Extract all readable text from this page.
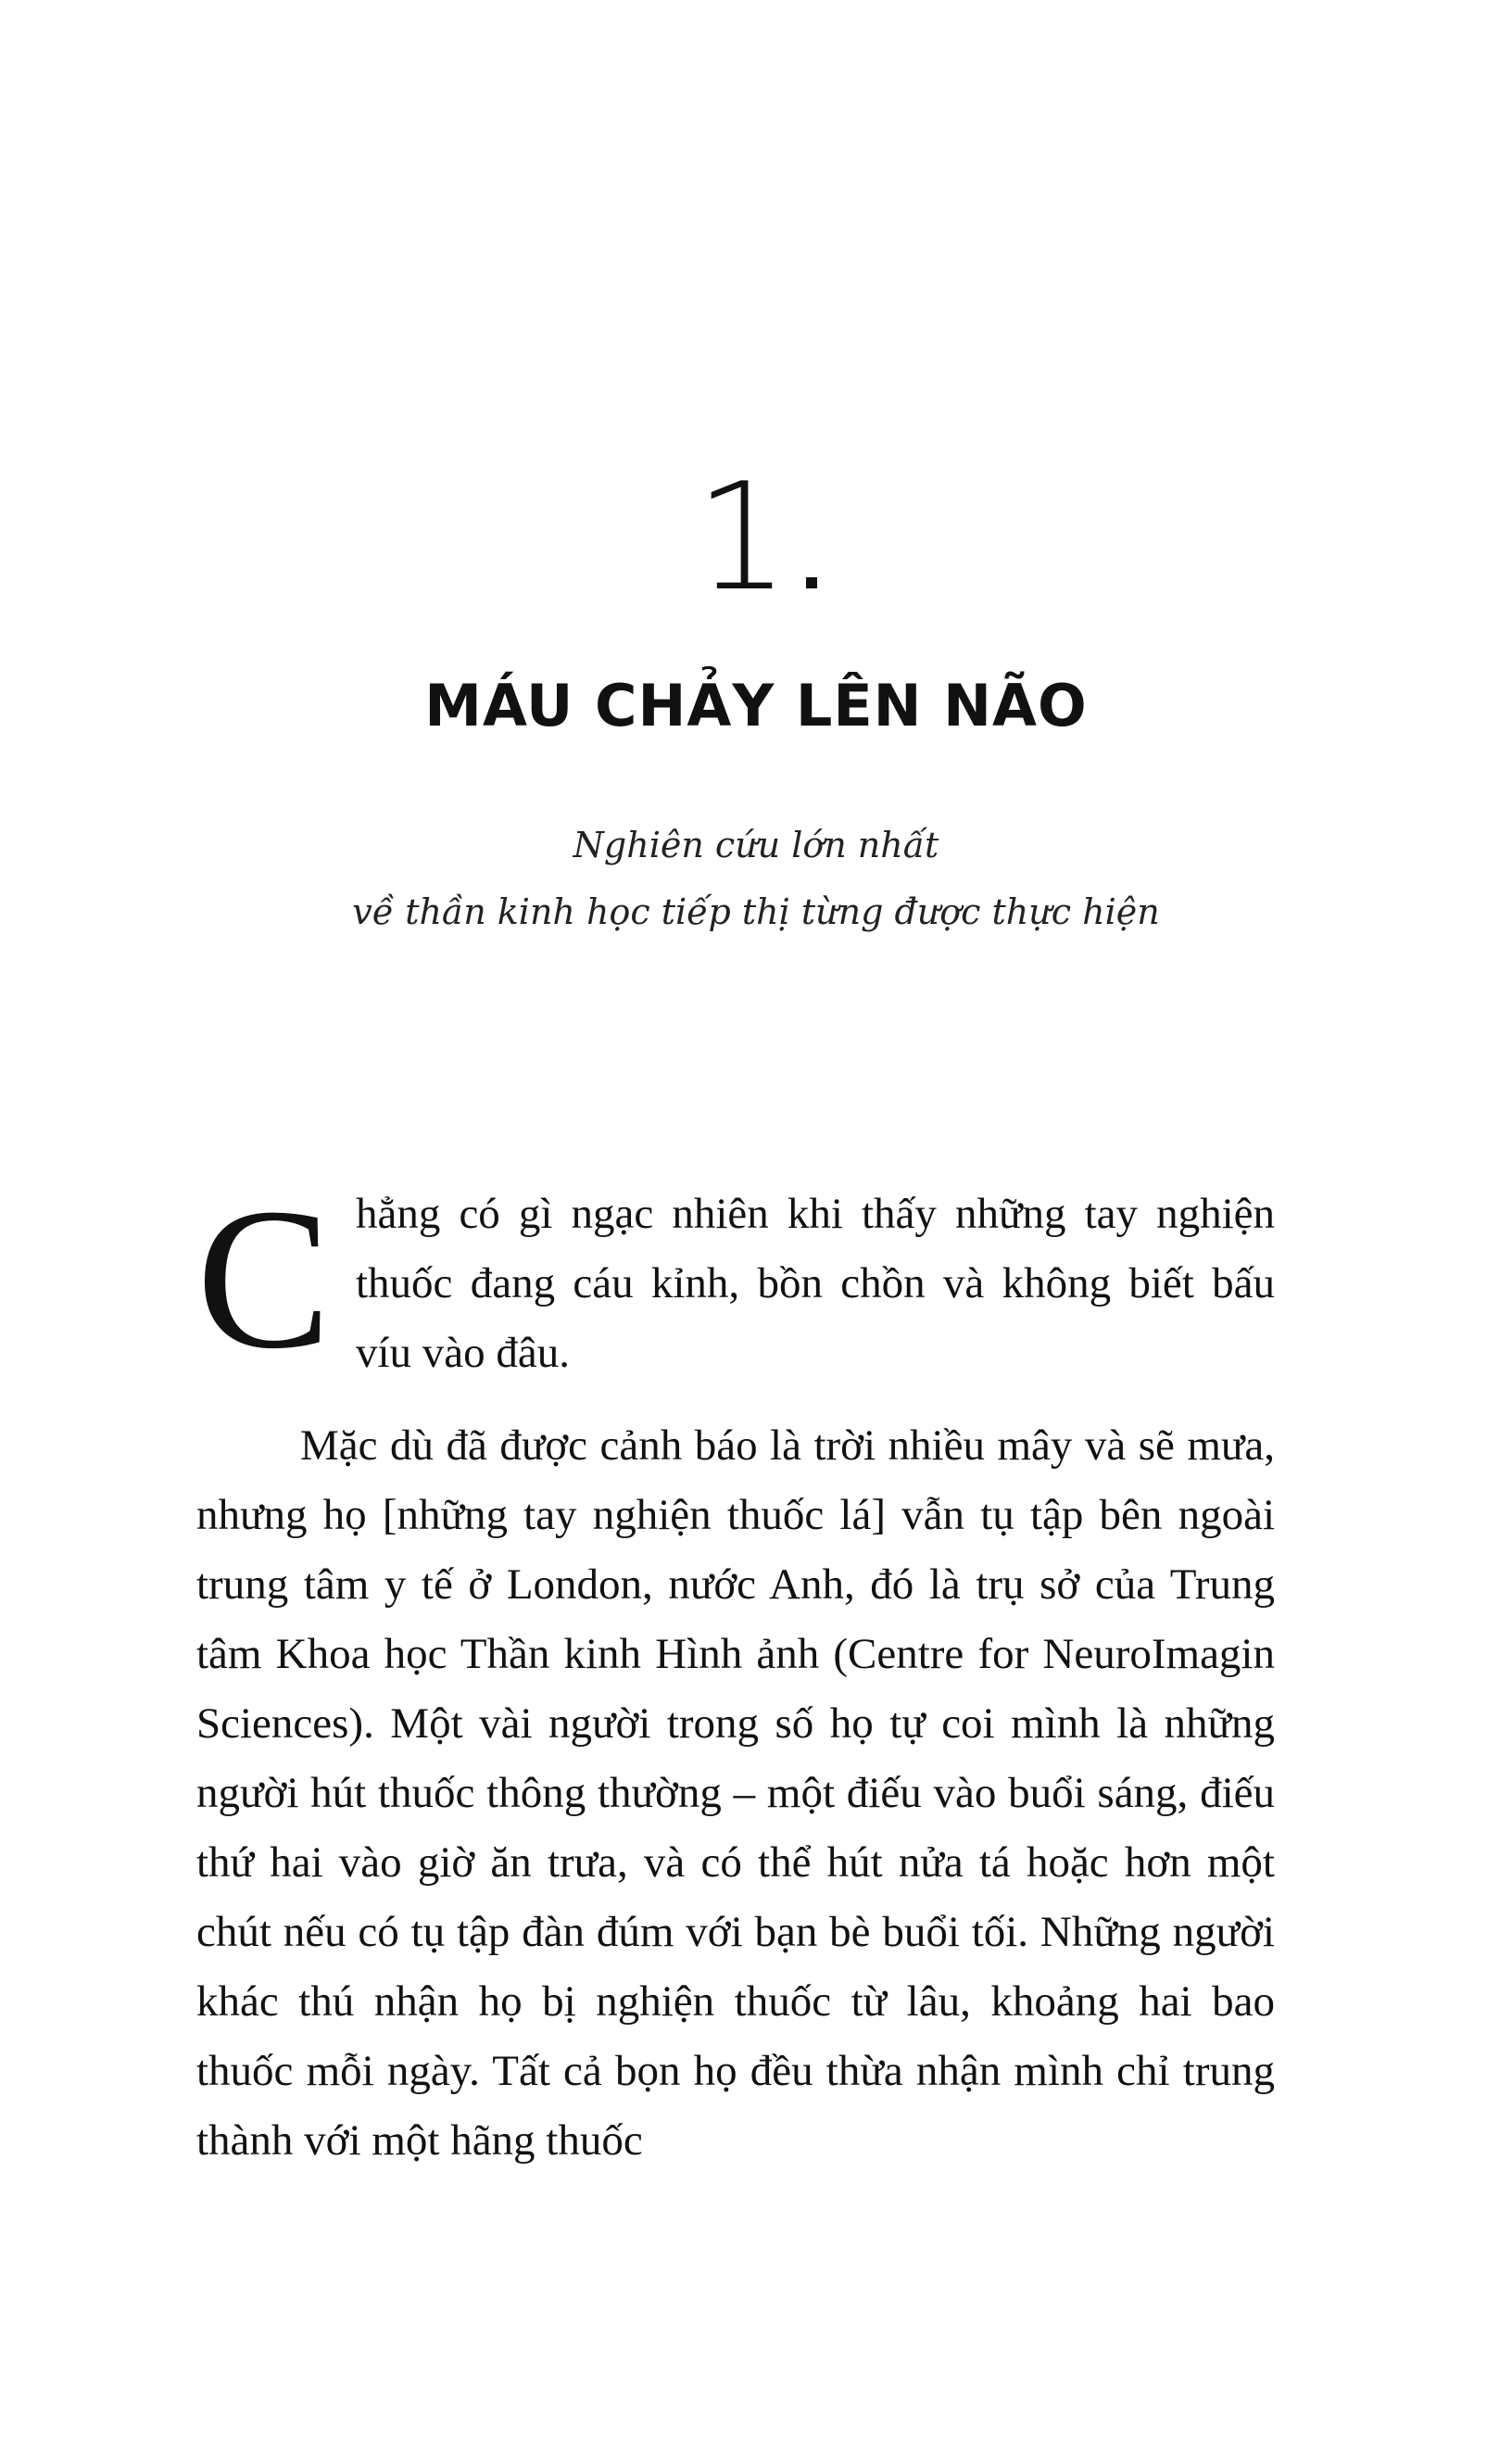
1
MÁU CHẢY LÊN NÃO
Nghiên cứu lớn nhất
về thần kinh học tiếp thị từng được thực hiện

Chẳng có gì ngạc nhiên khi thấy những tay nghiện thuốc đang cáu kỉnh, bồn chồn và không biết bấu víu vào đâu.

Mặc dù đã được cảnh báo là trời nhiều mây và sẽ mưa, nhưng họ [những tay nghiện thuốc lá] vẫn tụ tập bên ngoài trung tâm y tế ở London, nước Anh, đó là trụ sở của Trung tâm Khoa học Thần kinh Hình ảnh (Centre for NeuroImagin Sciences). Một vài người trong số họ tự coi mình là những người hút thuốc thông thường – một điếu vào buổi sáng, điếu thứ hai vào giờ ăn trưa, và có thể hút nửa tá hoặc hơn một chút nếu có tụ tập đàn đúm với bạn bè buổi tối. Những người khác thú nhận họ bị nghiện thuốc từ lâu, khoảng hai bao thuốc mỗi ngày. Tất cả bọn họ đều thừa nhận mình chỉ trung thành với một hãng thuốc
